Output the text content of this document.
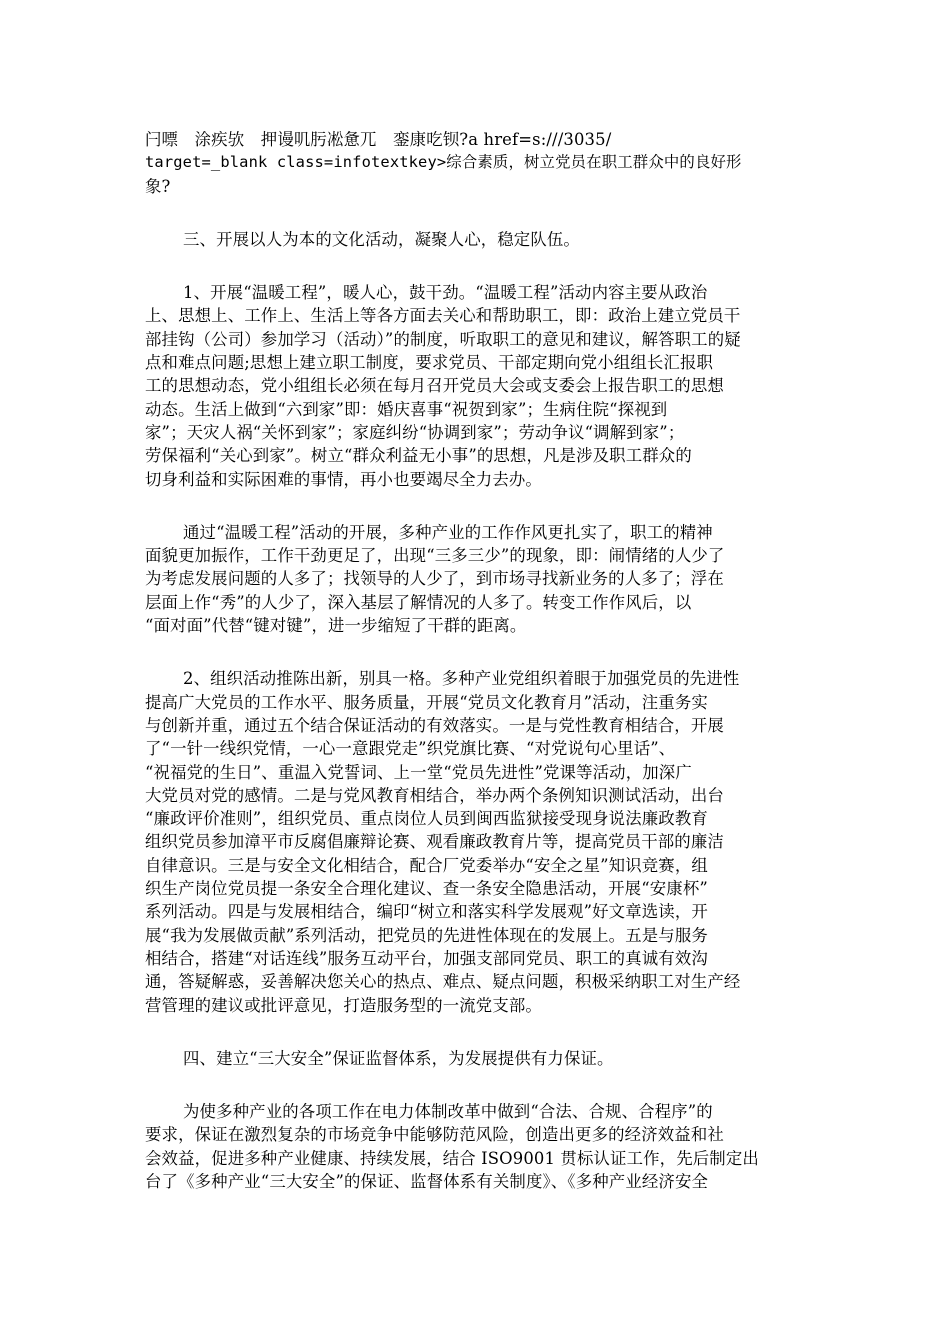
闩嘌　涂疾欤　押谩叽肟凇惫兀　銮康吃钡?a href=s:///3035/
target=_blank class=infotextkey>综合素质，树立党员在职工群众中的良好形
象?
三、开展以人为本的文化活动，凝聚人心，稳定队伍。
1、开展“温暖工程”，暖人心，鼓干劲。“温暖工程”活动内容主要从政治
上、思想上、工作上、生活上等各方面去关心和帮助职工，即：政治上建立党员干
部挂钩（公司）参加学习（活动）”的制度，听取职工的意见和建议，解答职工的疑
点和难点问题;思想上建立职工制度，要求党员、干部定期向党小组组长汇报职
工的思想动态，党小组组长必须在每月召开党员大会或支委会上报告职工的思想
动态。生活上做到“六到家”即：婚庆喜事“祝贺到家”；生病住院“探视到
家”；天灾人祸“关怀到家”；家庭纠纷“协调到家”；劳动争议“调解到家”；
劳保福利“关心到家”。树立“群众利益无小事”的思想，凡是涉及职工群众的
切身利益和实际困难的事情，再小也要竭尽全力去办。
通过“温暖工程”活动的开展，多种产业的工作作风更扎实了，职工的精神
面貌更加振作，工作干劲更足了，出现“三多三少”的现象，即：闹情绪的人少了
为考虑发展问题的人多了；找领导的人少了，到市场寻找新业务的人多了；浮在
层面上作“秀”的人少了，深入基层了解情况的人多了。转变工作作风后，以
“面对面”代替“键对键”，进一步缩短了干群的距离。
2、组织活动推陈出新，别具一格。多种产业党组织着眼于加强党员的先进性
提高广大党员的工作水平、服务质量，开展“党员文化教育月”活动，注重务实
与创新并重，通过五个结合保证活动的有效落实。一是与党性教育相结合，开展
了“一针一线织党情，一心一意跟党走”织党旗比赛、“对党说句心里话”、
“祝福党的生日”、重温入党誓词、上一堂“党员先进性”党课等活动，加深广
大党员对党的感情。二是与党风教育相结合，举办两个条例知识测试活动，出台
“廉政评价准则”，组织党员、重点岗位人员到闽西监狱接受现身说法廉政教育
组织党员参加漳平市反腐倡廉辩论赛、观看廉政教育片等，提高党员干部的廉洁
自律意识。三是与安全文化相结合，配合厂党委举办“安全之星”知识竞赛，组
织生产岗位党员提一条安全合理化建议、查一条安全隐患活动，开展“安康杯”
系列活动。四是与发展相结合，编印“树立和落实科学发展观”好文章选读，开
展“我为发展做贡献”系列活动，把党员的先进性体现在的发展上。五是与服务
相结合，搭建“对话连线”服务互动平台，加强支部同党员、职工的真诚有效沟
通，答疑解惑，妥善解决您关心的热点、难点、疑点问题，积极采纳职工对生产经
营管理的建议或批评意见，打造服务型的一流党支部。
四、建立“三大安全”保证监督体系，为发展提供有力保证。
为使多种产业的各项工作在电力体制改革中做到“合法、合规、合程序”的
要求，保证在激烈复杂的市场竞争中能够防范风险，创造出更多的经济效益和社
会效益，促进多种产业健康、持续发展，结合 ISO9001 贯标认证工作，先后制定出
台了《多种产业“三大安全”的保证、监督体系有关制度》、《多种产业经济安全
